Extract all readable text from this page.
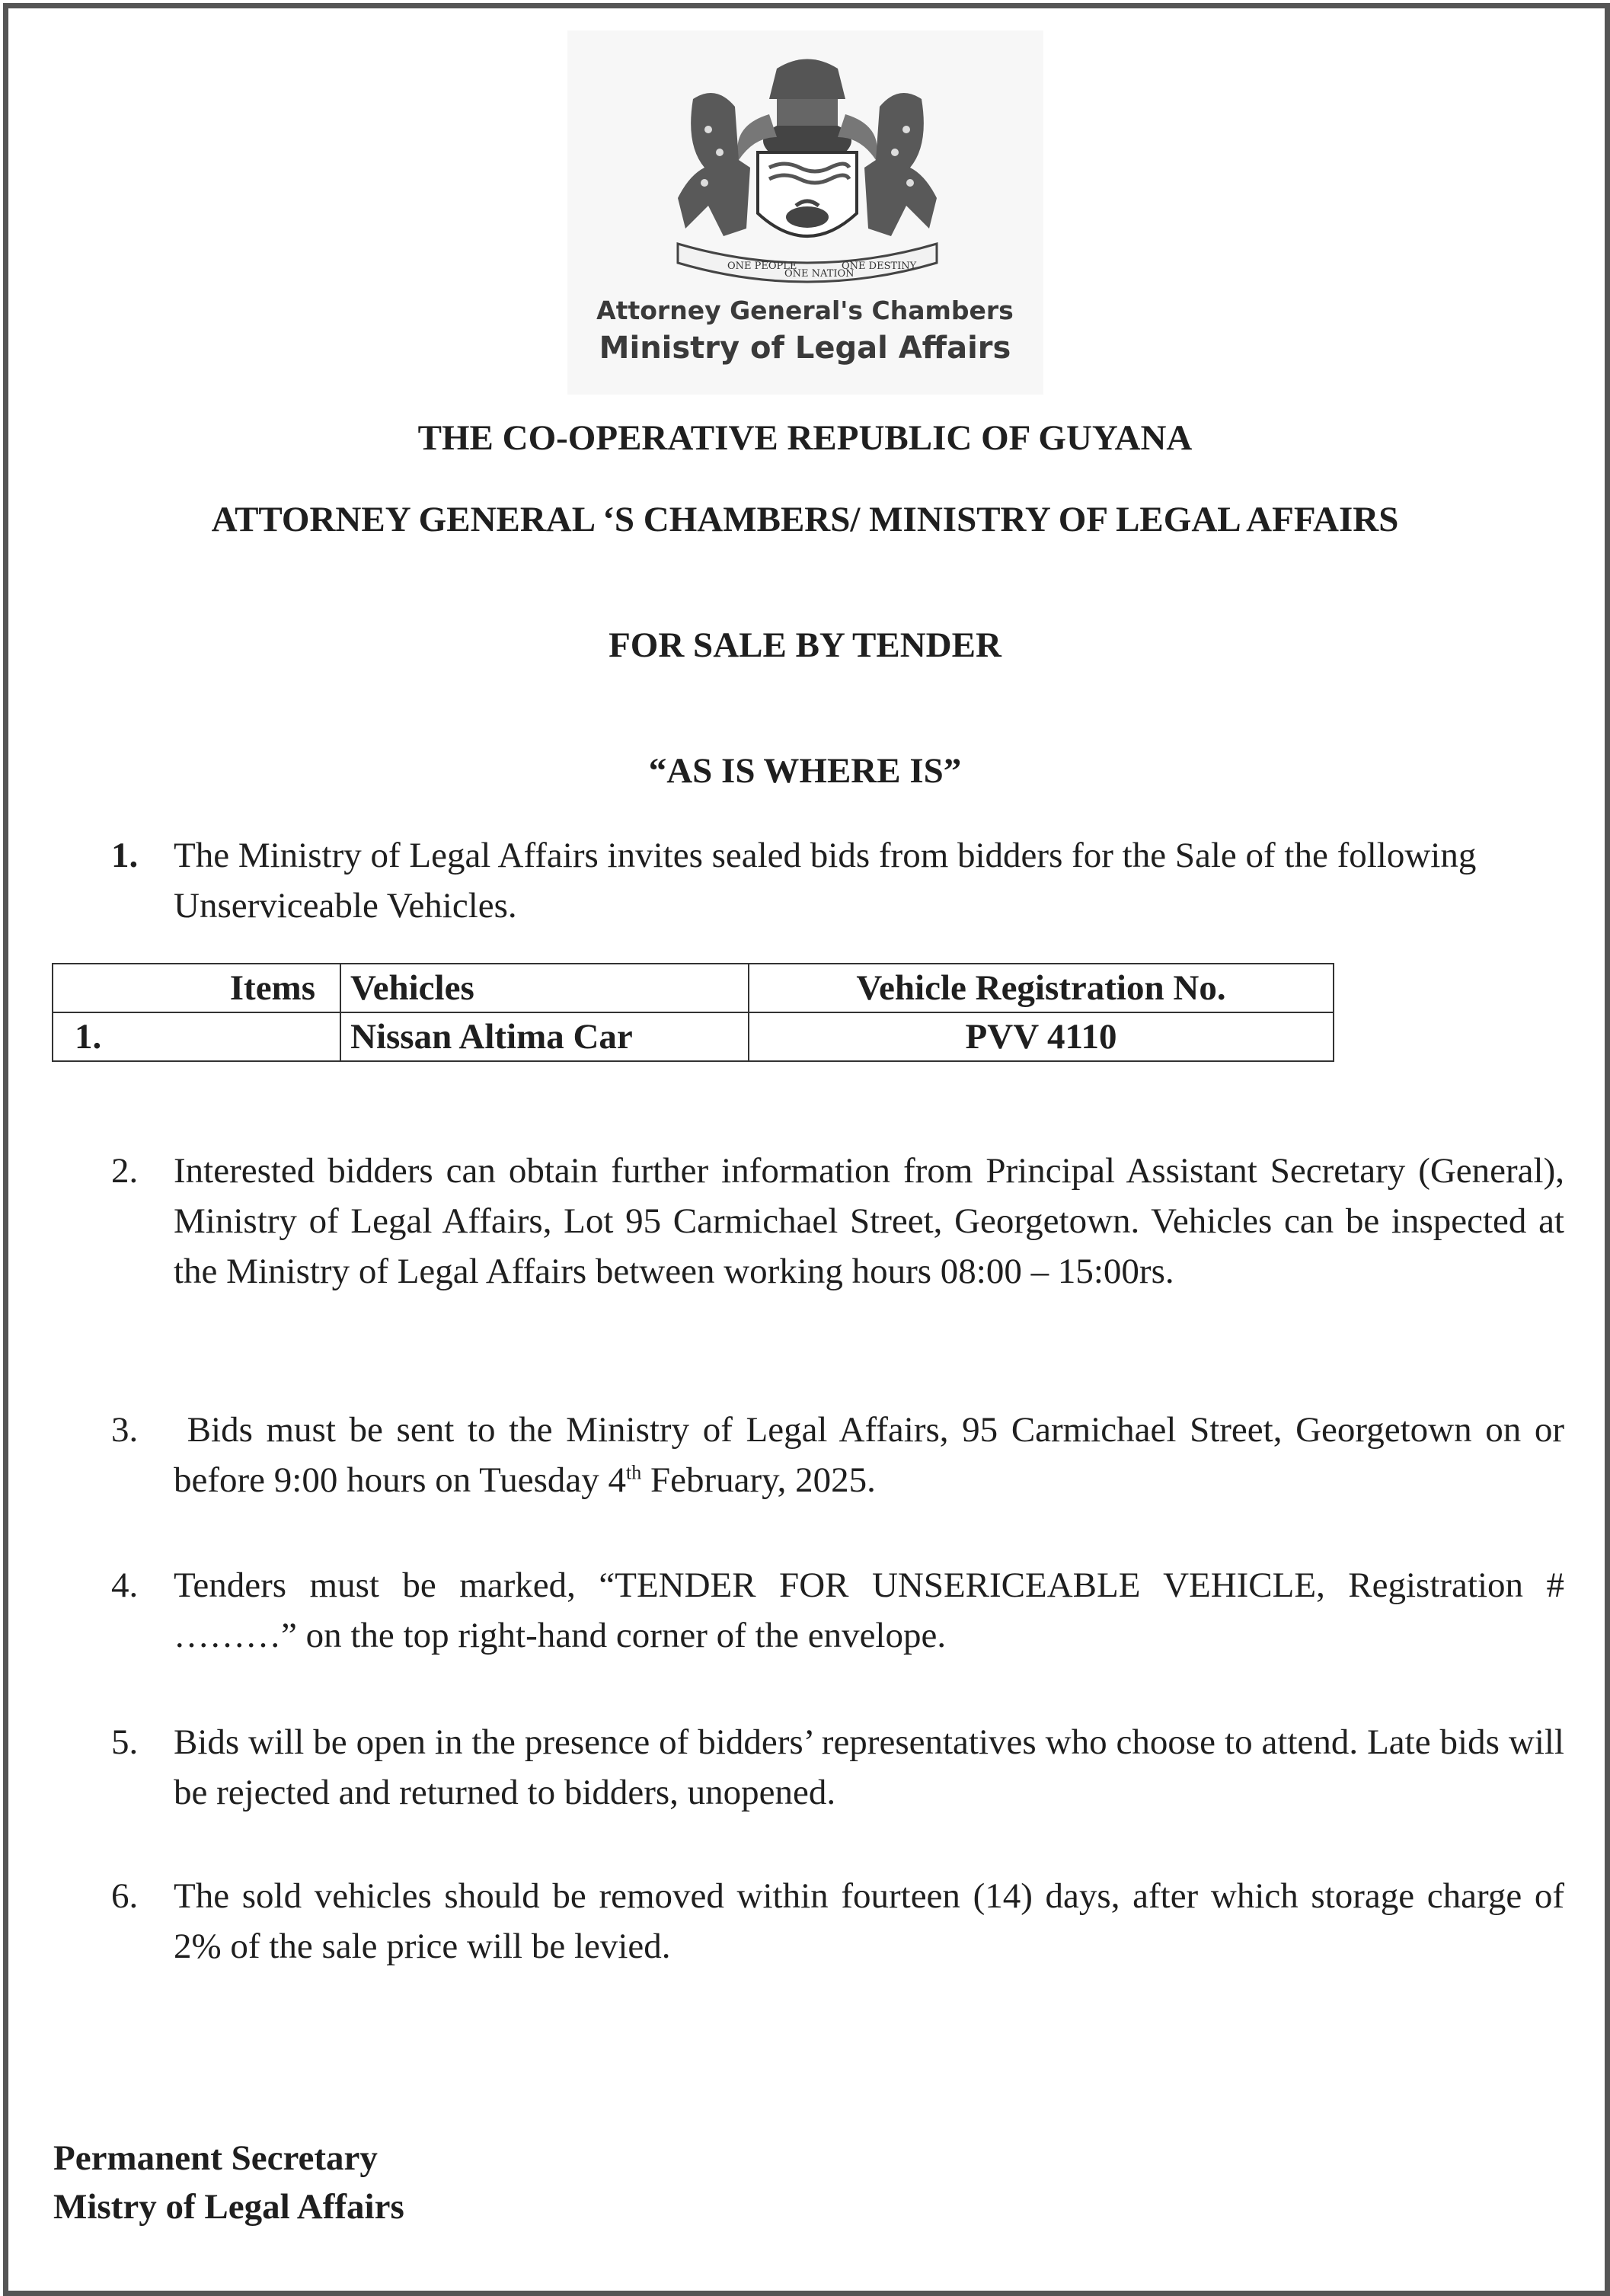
ONE PEOPLE
ONE NATION
ONE DESTINY
Attorney General's Chambers
Ministry of Legal Affairs
THE CO-OPERATIVE REPUBLIC OF GUYANA
ATTORNEY GENERAL ‘S CHAMBERS/ MINISTRY OF LEGAL AFFAIRS
FOR SALE BY TENDER
“AS IS WHERE IS”
1. The Ministry of Legal Affairs invites sealed bids from bidders for the Sale of the following Unserviceable Vehicles.
Items	Vehicles	Vehicle Registration No.
1.	Nissan Altima Car	PVV 4110
2. Interested bidders can obtain further information from Principal Assistant Secretary (General), Ministry of Legal Affairs, Lot 95 Carmichael Street, Georgetown. Vehicles can be inspected at the Ministry of Legal Affairs between working hours 08:00 – 15:00rs.
3. Bids must be sent to the Ministry of Legal Affairs, 95 Carmichael Street, Georgetown on or before 9:00 hours on Tuesday 4th February, 2025.
4. Tenders must be marked, “TENDER FOR UNSERICEABLE VEHICLE, Registration # ………” on the top right-hand corner of the envelope.
5. Bids will be open in the presence of bidders’ representatives who choose to attend. Late bids will be rejected and returned to bidders, unopened.
6. The sold vehicles should be removed within fourteen (14) days, after which storage charge of 2% of the sale price will be levied.
Permanent Secretary
Mistry of Legal Affairs
